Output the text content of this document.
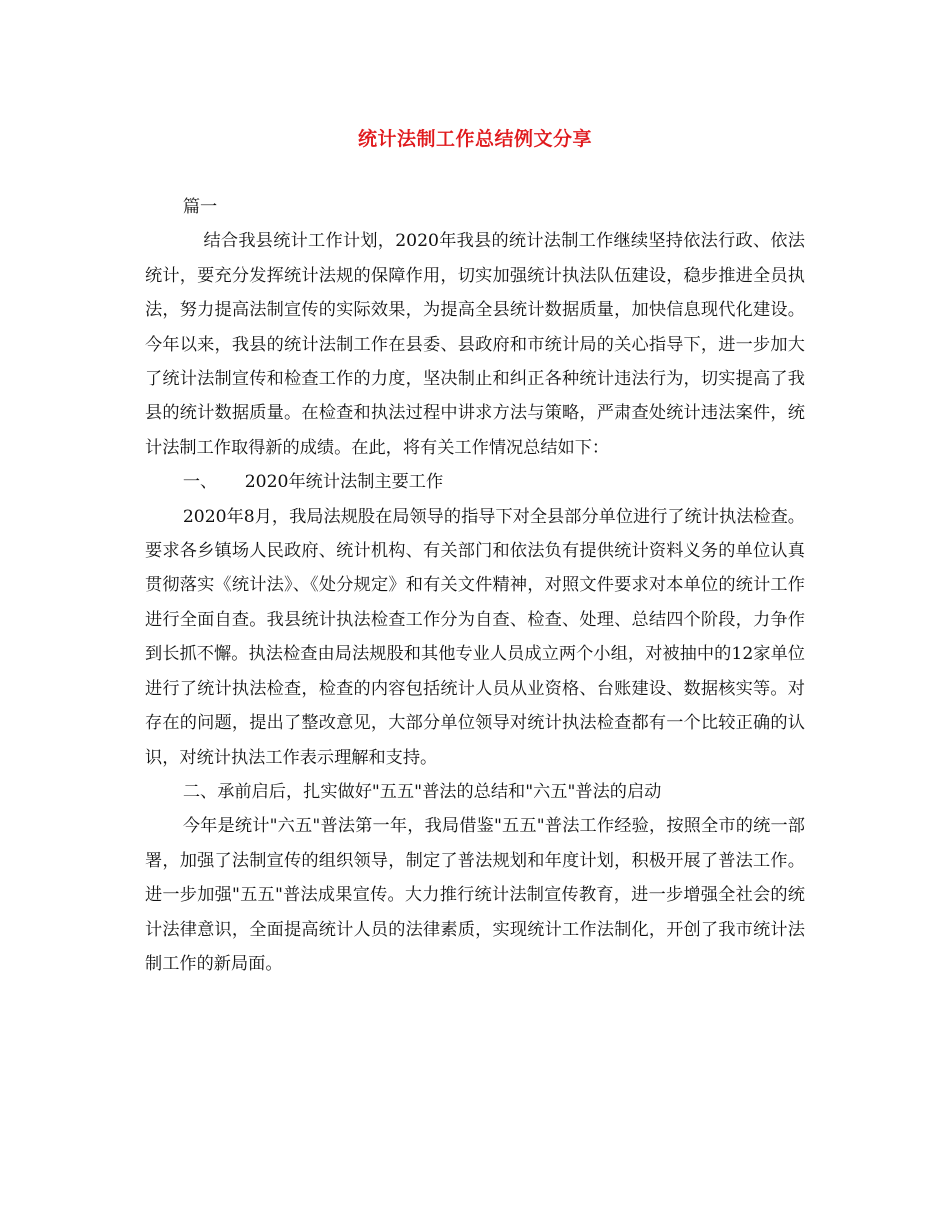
统计法制工作总结例文分享

篇一

结合我县统计工作计划，2020年我县的统计法制工作继续坚持依法行政、依法统计，要充分发挥统计法规的保障作用，切实加强统计执法队伍建设，稳步推进全员执法，努力提高法制宣传的实际效果，为提高全县统计数据质量，加快信息现代化建设。今年以来，我县的统计法制工作在县委、县政府和市统计局的关心指导下，进一步加大了统计法制宣传和检查工作的力度，坚决制止和纠正各种统计违法行为，切实提高了我县的统计数据质量。在检查和执法过程中讲求方法与策略，严肃查处统计违法案件，统计法制工作取得新的成绩。在此，将有关工作情况总结如下：

一、 2020年统计法制主要工作

2020年8月，我局法规股在局领导的指导下对全县部分单位进行了统计执法检查。要求各乡镇场人民政府、统计机构、有关部门和依法负有提供统计资料义务的单位认真贯彻落实《统计法》、《处分规定》和有关文件精神，对照文件要求对本单位的统计工作进行全面自查。我县统计执法检查工作分为自查、检查、处理、总结四个阶段，力争作到长抓不懈。执法检查由局法规股和其他专业人员成立两个小组，对被抽中的12家单位进行了统计执法检查，检查的内容包括统计人员从业资格、台账建设、数据核实等。对存在的问题，提出了整改意见，大部分单位领导对统计执法检查都有一个比较正确的认识，对统计执法工作表示理解和支持。

二、承前启后，扎实做好"五五"普法的总结和"六五"普法的启动

今年是统计"六五"普法第一年，我局借鉴"五五"普法工作经验，按照全市的统一部署，加强了法制宣传的组织领导，制定了普法规划和年度计划，积极开展了普法工作。进一步加强"五五"普法成果宣传。大力推行统计法制宣传教育，进一步增强全社会的统计法律意识，全面提高统计人员的法律素质，实现统计工作法制化，开创了我市统计法制工作的新局面。
